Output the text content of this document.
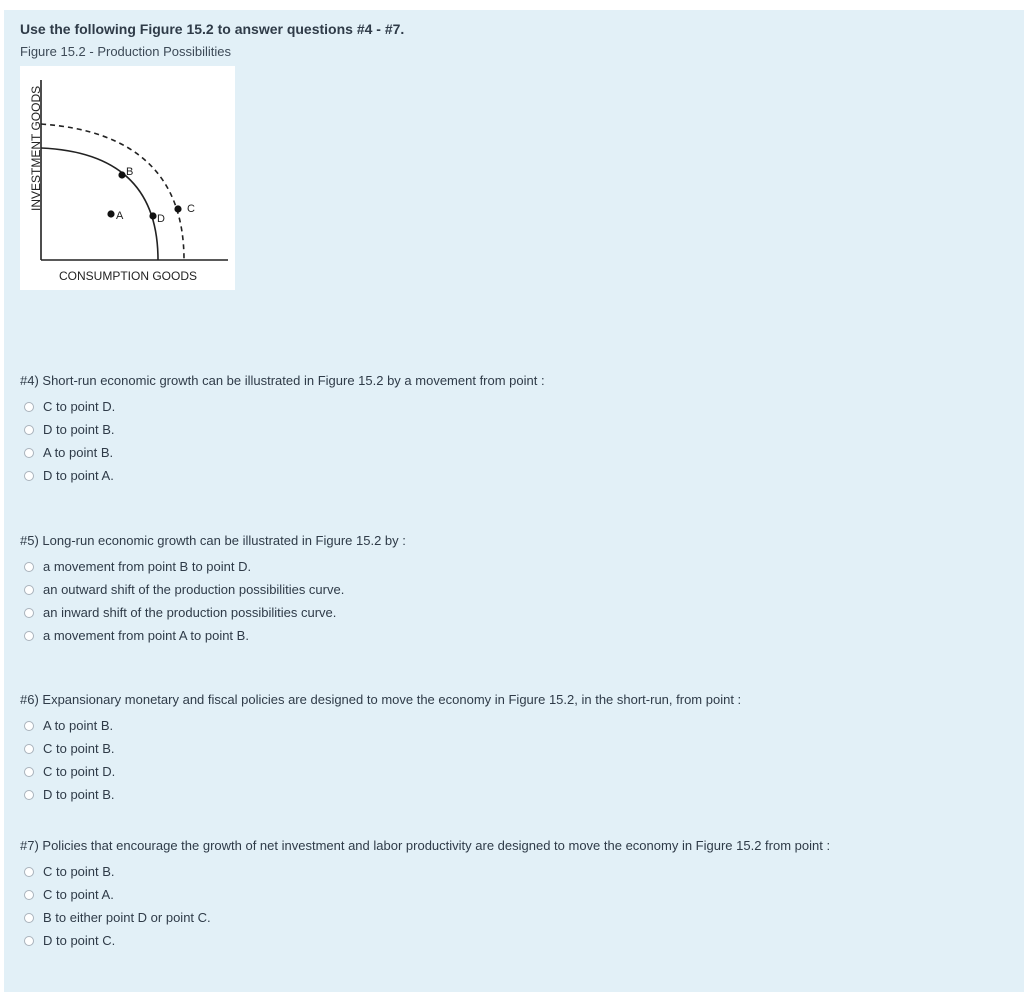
Use the following Figure 15.2 to answer questions #4 - #7.
Figure 15.2 - Production Possibilities
B
A	D
C
INVESTMENT GOODS
CONSUMPTION GOODS

#4) Short-run economic growth can be illustrated in Figure 15.2 by a movement from point :

C to point D.
D to point B.
A to point B.
D to point A.

#5) Long-run economic growth can be illustrated in Figure 15.2 by :

a movement from point B to point D.
an outward shift of the production possibilities curve.
an inward shift of the production possibilities curve.
a movement from point A to point B.

#6) Expansionary monetary and fiscal policies are designed to move the economy in Figure 15.2, in the short-run, from point :

A to point B.
C to point B.
C to point D.
D to point B.

#7) Policies that encourage the growth of net investment and labor productivity are designed to move the economy in Figure 15.2 from point :

C to point B.
C to point A.
B to either point D or point C.
D to point C.
